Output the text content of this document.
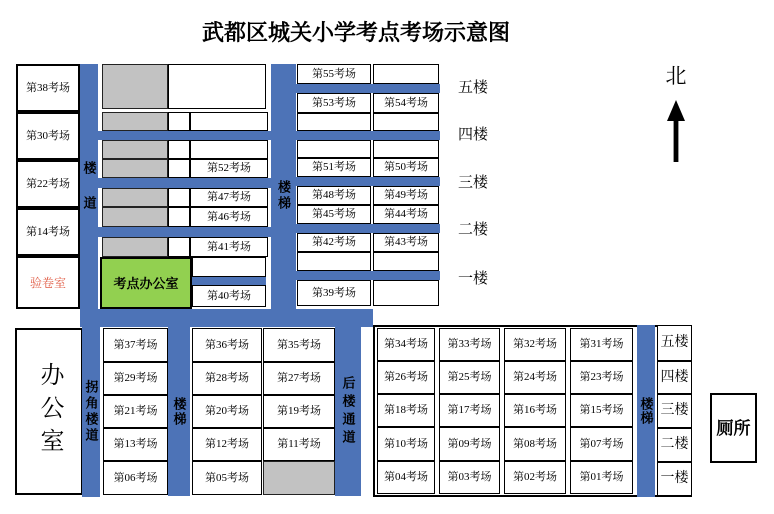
武都区城关小学考点考场示意图
北
第38考场
第30考场
第22考场
第14考场
验卷室
楼道	楼梯
第52考场
第47考场
第46考场
第41考场
考点办公室
第40考场
第55考场
第53考场	第54考场
第51考场	第50考场
第48考场	第49考场
第45考场	第44考场
第42考场	第43考场
第39考场
五楼
四楼
三楼
二楼
一楼
办公室 拐角楼道	楼梯	后楼通道
第37考场
第29考场
第21考场
第13考场
第06考场
第36考场	第35考场
第28考场	第27考场
第20考场	第19考场
第12考场	第11考场
第05考场
第34考场 第33考场 第32考场 第31考场
第26考场 第25考场 第24考场 第23考场
第18考场 第17考场 第16考场 第15考场
第10考场 第09考场 第08考场 第07考场
第04考场 第03考场 第02考场 第01考场
楼梯
五楼
四楼
三楼
二楼
一楼
厕所
